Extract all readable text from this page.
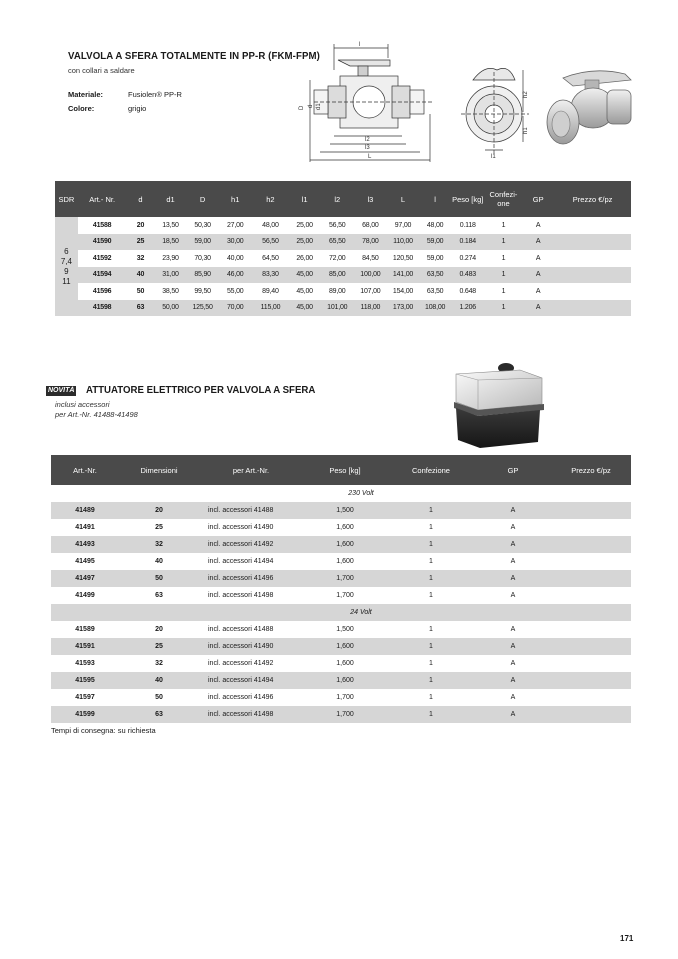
VALVOLA A SFERA TOTALMENTE IN PP-R (FKM-FPM)
con collari a saldare
Materiale:	Fusiolen® PP-R
Colore:	grigio
l
l2
l3
L
D d d1
h2
h1
l1
SDR	Art.- Nr.	d	d1	D	h1	h2	l1	l2	l3	L	l	Peso [kg]	Confezi- one	GP	Prezzo €/pz

6
7,4
9
11	41588	20	13,50	50,30	27,00	48,00	25,00	56,50	68,00	97,00	48,00	0.118	1	A	
	41590	25	18,50	59,00	30,00	56,50	25,00	65,50	78,00	110,00	59,00	0.184	1	A	
	41592	32	23,90	70,30	40,00	64,50	26,00	72,00	84,50	120,50	59,00	0.274	1	A	
	41594	40	31,00	85,90	46,00	83,30	45,00	85,00	100,00	141,00	63,50	0.483	1	A	
	41596	50	38,50	99,50	55,00	89,40	45,00	89,00	107,00	154,00	63,50	0.648	1	A	
	41598	63	50,00	125,50	70,00	115,00	45,00	101,00	118,00	173,00	108,00	1.206	1	A	
NOVITÀ ATTUATORE ELETTRICO PER VALVOLA A SFERA
inclusi accessori
per Art.-Nr. 41488-41498
Art.-Nr.	Dimensioni	per Art.-Nr.	Peso [kg]	Confezione	GP	Prezzo €/pz
230 Volt						
41489	20	incl. accessori 41488	1,500	1	A	
41491	25	incl. accessori 41490	1,600	1	A	
41493	32	incl. accessori 41492	1,600	1	A	
41495	40	incl. accessori 41494	1,600	1	A	
41497	50	incl. accessori 41496	1,700	1	A	
41499	63	incl. accessori 41498	1,700	1	A	
24 Volt						
41589	20	incl. accessori 41488	1,500	1	A	
41591	25	incl. accessori 41490	1,600	1	A	
41593	32	incl. accessori 41492	1,600	1	A	
41595	40	incl. accessori 41494	1,600	1	A	
41597	50	incl. accessori 41496	1,700	1	A	
41599	63	incl. accessori 41498	1,700	1	A	
Tempi di consegna: su richiesta
171
